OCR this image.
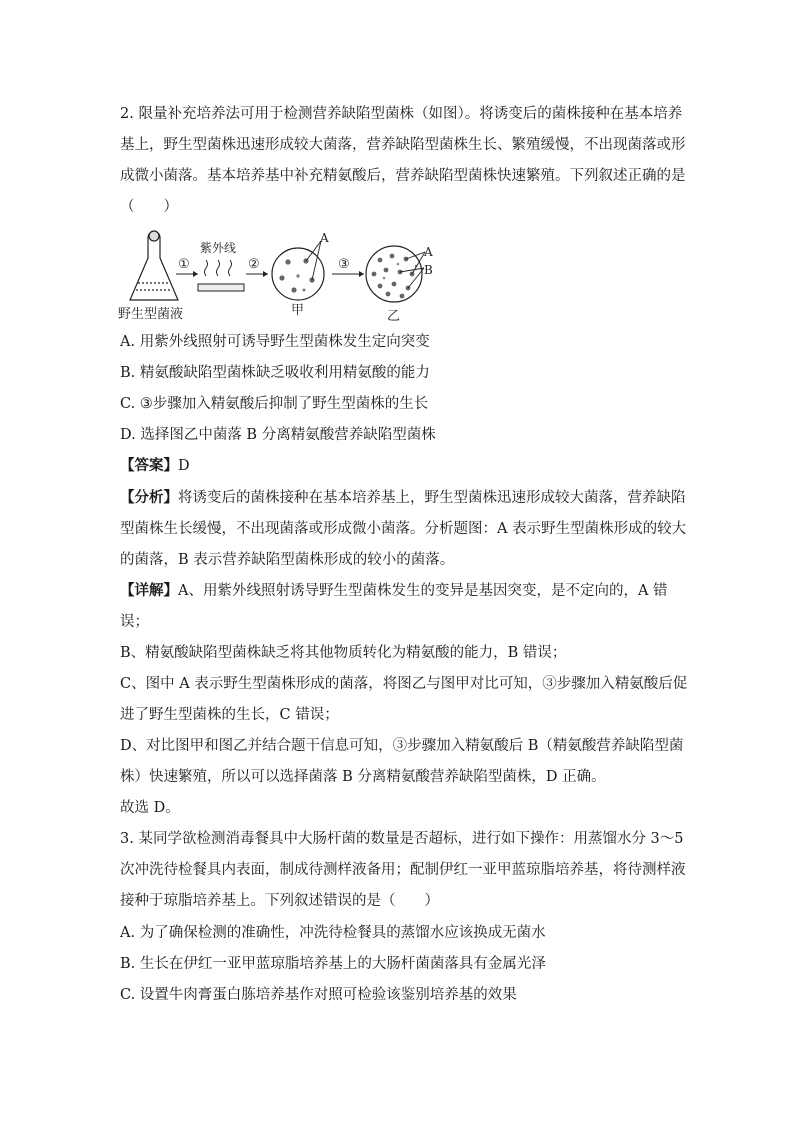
2. 限量补充培养法可用于检测营养缺陷型菌株（如图）。将诱变后的菌株接种在基本培养
基上，野生型菌株迅速形成较大菌落，营养缺陷型菌株生长、繁殖缓慢，不出现菌落或形
成微小菌落。基本培养基中补充精氨酸后，营养缺陷型菌株快速繁殖。下列叙述正确的是
（　　）
野生型菌液
①
紫外线
②
A
甲
③
A
B
乙
A. 用紫外线照射可诱导野生型菌株发生定向突变
B. 精氨酸缺陷型菌株缺乏吸收利用精氨酸的能力
C. ③步骤加入精氨酸后抑制了野生型菌株的生长
D. 选择图乙中菌落 B 分离精氨酸营养缺陷型菌株
【答案】D
【分析】将诱变后的菌株接种在基本培养基上，野生型菌株迅速形成较大菌落，营养缺陷
型菌株生长缓慢，不出现菌落或形成微小菌落。分析题图：A 表示野生型菌株形成的较大
的菌落，B 表示营养缺陷型菌株形成的较小的菌落。
【详解】A、用紫外线照射诱导野生型菌株发生的变异是基因突变，是不定向的，A 错
误；
B、精氨酸缺陷型菌株缺乏将其他物质转化为精氨酸的能力，B 错误；
C、图中 A 表示野生型菌株形成的菌落，将图乙与图甲对比可知，③步骤加入精氨酸后促
进了野生型菌株的生长，C 错误；
D、对比图甲和图乙并结合题干信息可知，③步骤加入精氨酸后 B（精氨酸营养缺陷型菌
株）快速繁殖，所以可以选择菌落 B 分离精氨酸营养缺陷型菌株，D 正确。
故选 D。
3. 某同学欲检测消毒餐具中大肠杆菌的数量是否超标，进行如下操作：用蒸馏水分 3～5
次冲洗待检餐具内表面，制成待测样液备用；配制伊红一亚甲蓝琼脂培养基，将待测样液
接种于琼脂培养基上。下列叙述错误的是（　　）
A. 为了确保检测的准确性，冲洗待检餐具的蒸馏水应该换成无菌水
B. 生长在伊红一亚甲蓝琼脂培养基上的大肠杆菌菌落具有金属光泽
C. 设置牛肉膏蛋白胨培养基作对照可检验该鉴别培养基的效果
